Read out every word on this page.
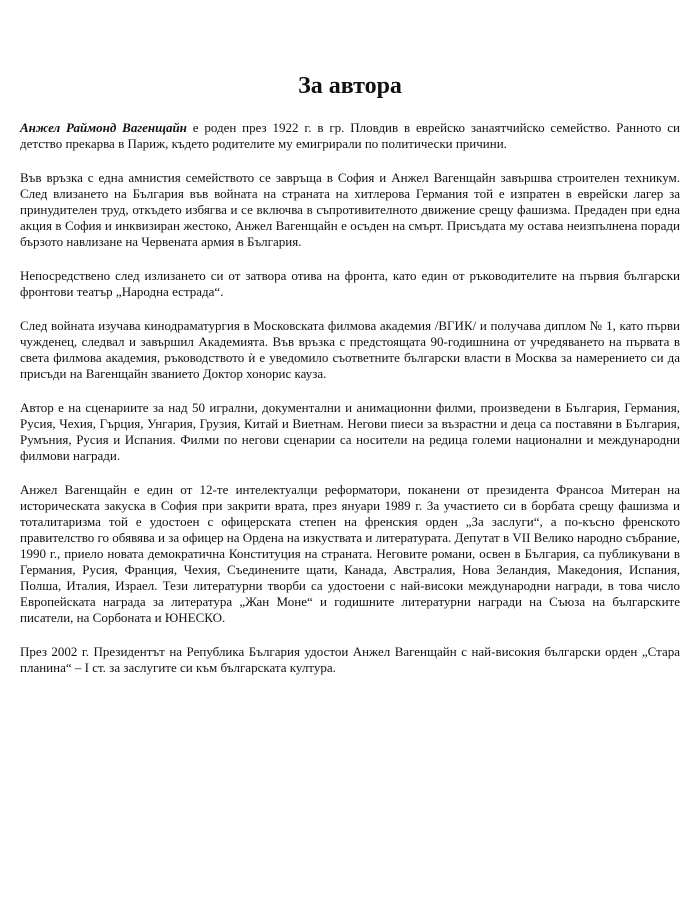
За автора

Анжел Раймонд Вагенщайн е роден през 1922 г. в гр. Пловдив в еврейско занаятчийско семейство. Ранното си детство прекарва в Париж, където родителите му емигрирали по политически причини.

Във връзка с една амнистия семейството се завръща в София и Анжел Вагенщайн завършва строителен техникум. След влизането на България във войната на страната на хитлерова Германия той е изпратен в еврейски лагер за принудителен труд, откъдето избягва и се включва в съпротивителното движение срещу фашизма. Предаден при една акция в София и инквизиран жестоко, Анжел Вагенщайн е осъден на смърт. Присъдата му остава неизпълнена поради бързото навлизане на Червената армия в България.

Непосредствено след излизането си от затвора отива на фронта, като един от ръководителите на първия български фронтови театър „Народна естрада“.

След войната изучава кинодраматургия в Московската филмова академия /ВГИК/ и получава диплом № 1, като първи чужденец, следвал и завършил Академията. Във връзка с предстоящата 90-годишнина от учредяването на първата в света филмова академия, ръководството ѝ е уведомило съответните български власти в Москва за намерението си да присъди на Вагенщайн званието Доктор хонорис кауза.

Автор е на сценариите за над 50 игрални, документални и анимационни филми, произведени в България, Германия, Русия, Чехия, Гърция, Унгария, Грузия, Китай и Виетнам. Негови пиеси за възрастни и деца са поставяни в България, Румъния, Русия и Испания. Филми по негови сценарии са носители на редица големи национални и международни филмови награди.

Анжел Вагенщайн е един от 12-те интелектуалци реформатори, поканени от президента Франсоа Митеран на историческата закуска в София при закрити врата, през януари 1989 г. За участието си в борбата срещу фашизма и тоталитаризма той е удостоен с офицерската степен на френския орден „За заслуги“, а по-късно френското правителство го обявява и за офицер на Ордена на изкуствата и литературата. Депутат в VII Велико народно събрание, 1990 г., приело новата демократична Конституция на страната. Неговите романи, освен в България, са публикувани в Германия, Русия, Франция, Чехия, Съединените щати, Канада, Австралия, Нова Зеландия, Македония, Испания, Полша, Италия, Израел. Тези литературни творби са удостоени с най-високи международни награди, в това число Европейската награда за литература „Жан Моне“ и годишните литературни награди на Съюза на българските писатели, на Сорбоната и ЮНЕСКО.

През 2002 г. Президентът на Република България удостои Анжел Вагенщайн с най-високия български орден „Стара планина“ – I ст. за заслугите си към българската култура.
